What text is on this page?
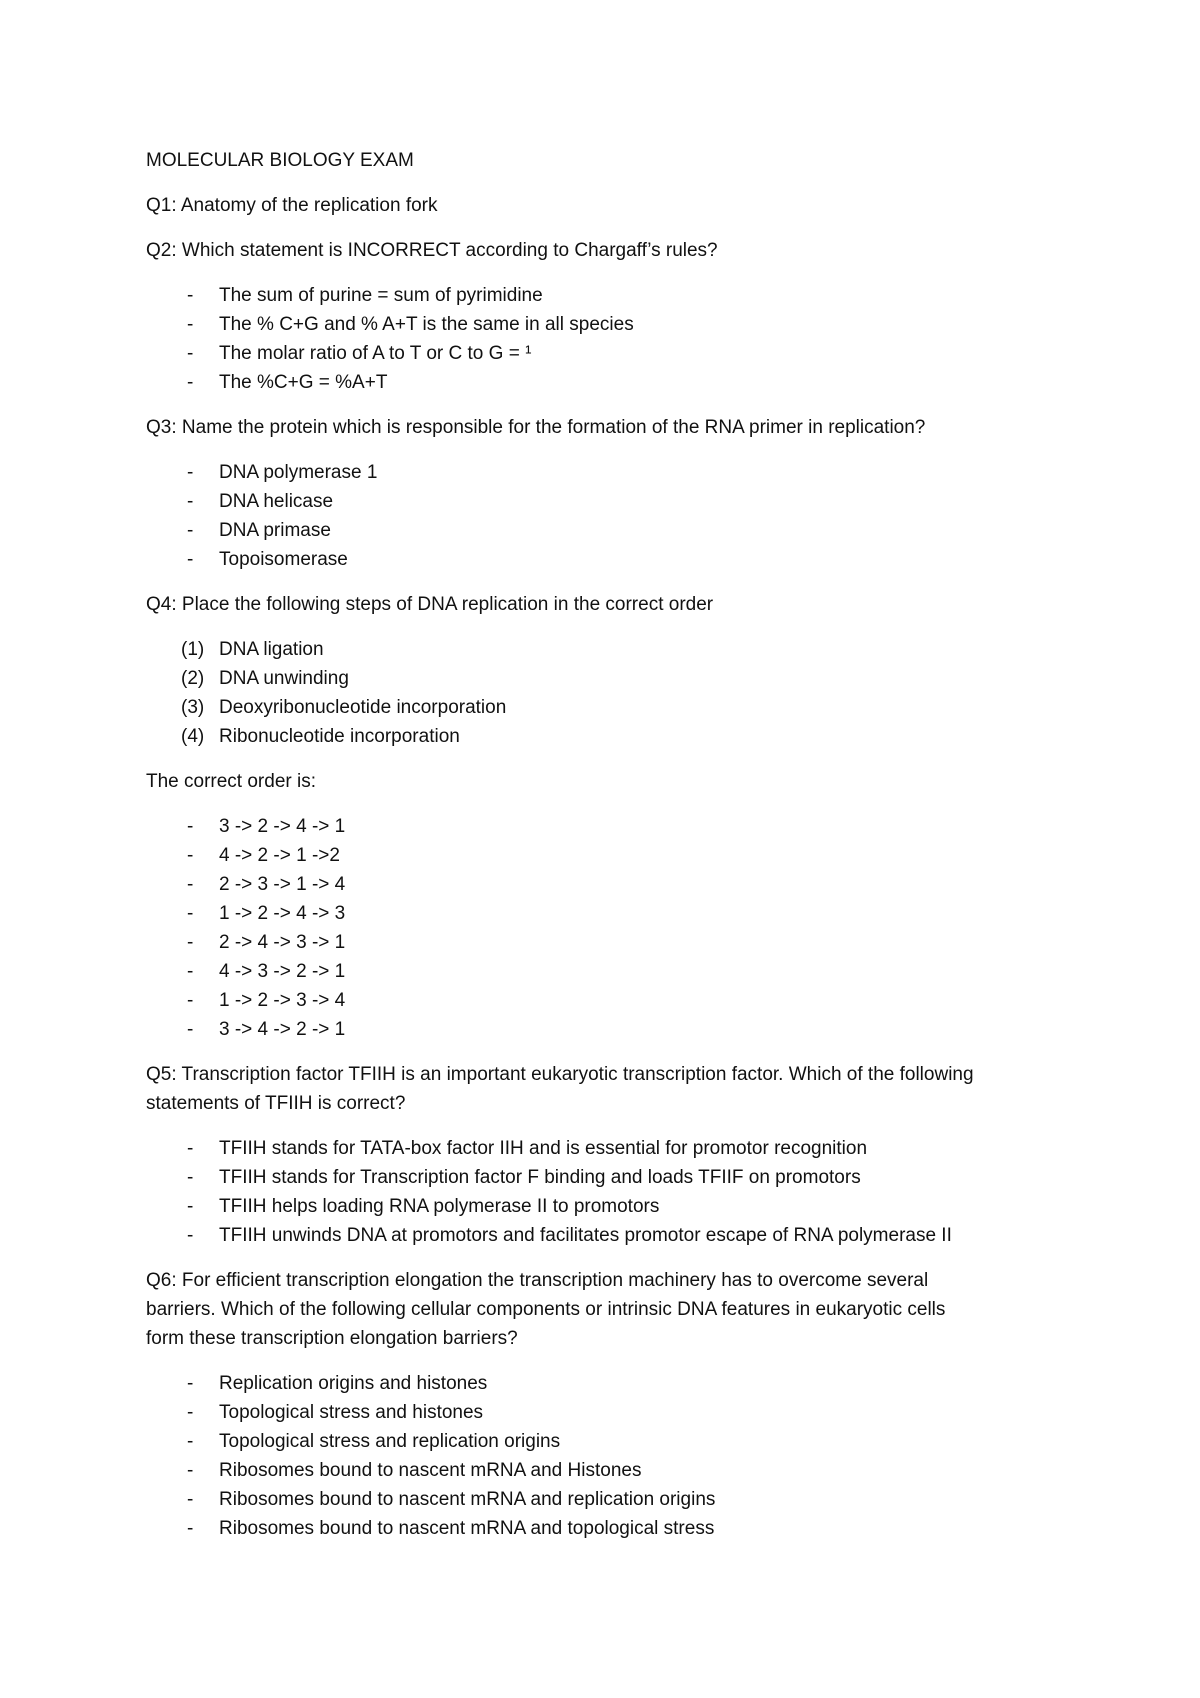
MOLECULAR BIOLOGY EXAM
Q1: Anatomy of the replication fork
Q2: Which statement is INCORRECT according to Chargaff’s rules?
- The sum of purine = sum of pyrimidine
- The % C+G and % A+T is the same in all species
- The molar ratio of A to T or C to G = ¹
- The %C+G = %A+T
Q3: Name the protein which is responsible for the formation of the RNA primer in replication?
- DNA polymerase 1
- DNA helicase
- DNA primase
- Topoisomerase
Q4: Place the following steps of DNA replication in the correct order
(1) DNA ligation
(2) DNA unwinding
(3) Deoxyribonucleotide incorporation
(4) Ribonucleotide incorporation
The correct order is:
- 3 -> 2 -> 4 -> 1
- 4 -> 2 -> 1 ->2
- 2 -> 3 -> 1 -> 4
- 1 -> 2 -> 4 -> 3
- 2 -> 4 -> 3 -> 1
- 4 -> 3 -> 2 -> 1
- 1 -> 2 -> 3 -> 4
- 3 -> 4 -> 2 -> 1
Q5: Transcription factor TFIIH is an important eukaryotic transcription factor. Which of the following
statements of TFIIH is correct?
- TFIIH stands for TATA-box factor IIH and is essential for promotor recognition
- TFIIH stands for Transcription factor F binding and loads TFIIF on promotors
- TFIIH helps loading RNA polymerase II to promotors
- TFIIH unwinds DNA at promotors and facilitates promotor escape of RNA polymerase II
Q6: For efficient transcription elongation the transcription machinery has to overcome several
barriers. Which of the following cellular components or intrinsic DNA features in eukaryotic cells
form these transcription elongation barriers?
- Replication origins and histones
- Topological stress and histones
- Topological stress and replication origins
- Ribosomes bound to nascent mRNA and Histones
- Ribosomes bound to nascent mRNA and replication origins
- Ribosomes bound to nascent mRNA and topological stress
